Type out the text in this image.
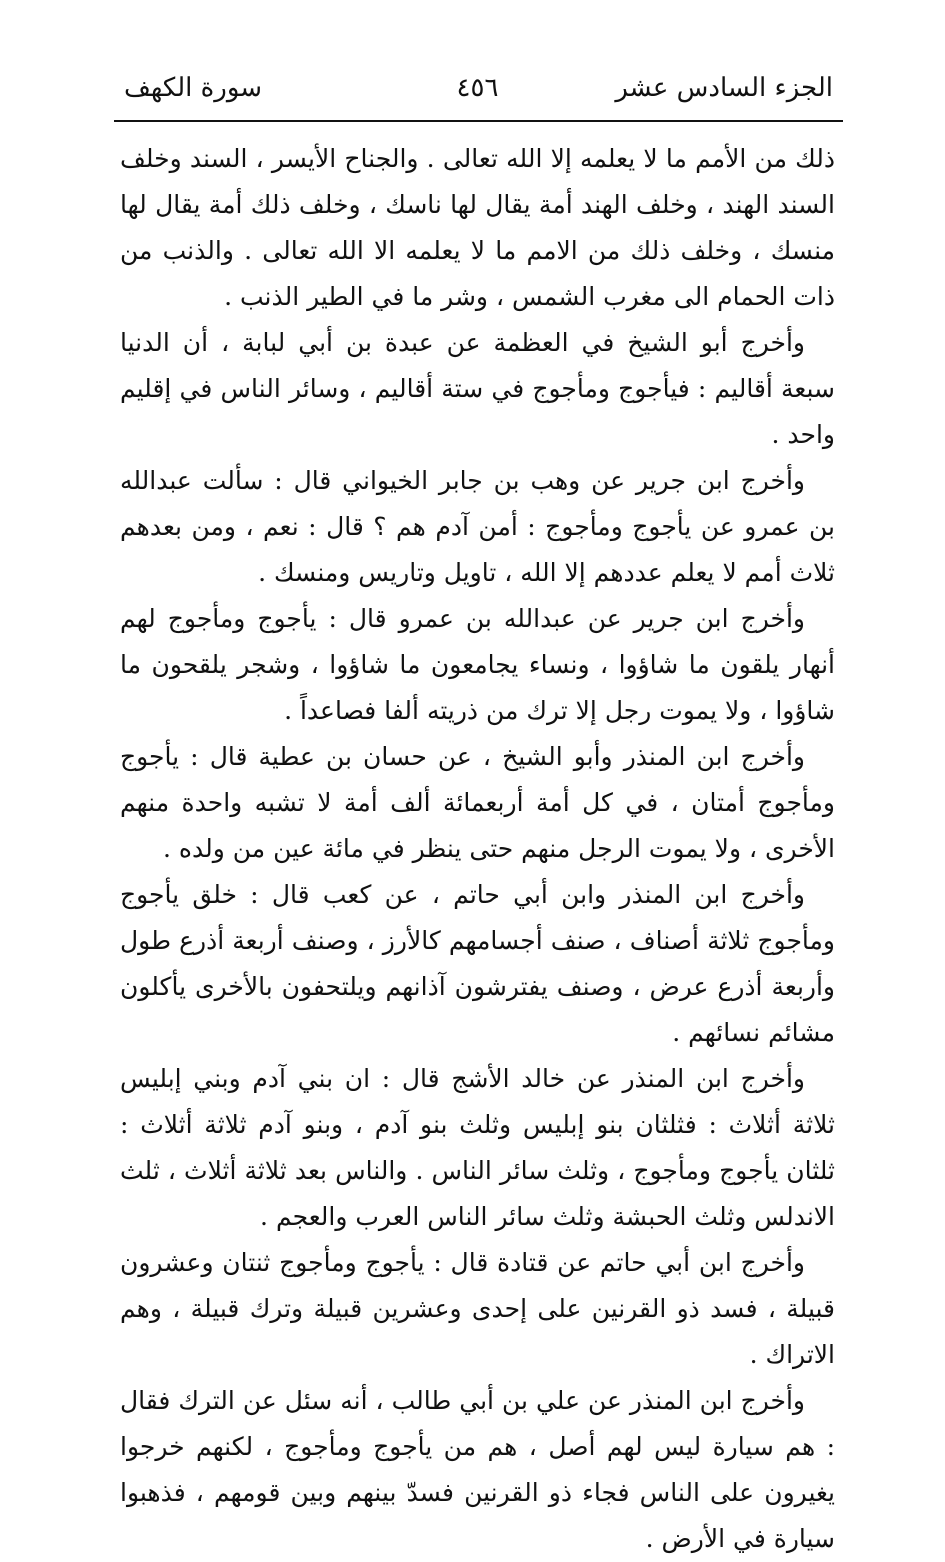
الجزء السادس عشر
٤٥٦
سورة الكهف

ذلك من الأمم ما لا يعلمه إلا الله تعالى . والجناح الأيسر ، السند وخلف السند الهند ، وخلف الهند أمة يقال لها ناسك ، وخلف ذلك أمة يقال لها منسك ، وخلف ذلك من الامم ما لا يعلمه الا الله تعالى . والذنب من ذات الحمام الى مغرب الشمس ، وشر ما في الطير الذنب .

وأخرج أبو الشيخ في العظمة عن عبدة بن أبي لبابة ، أن الدنيا سبعة أقاليم : فيأجوج ومأجوج في ستة أقاليم ، وسائر الناس في إقليم واحد .

وأخرج ابن جرير عن وهب بن جابر الخيواني قال : سألت عبدالله بن عمرو عن يأجوج ومأجوج : أمن آدم هم ؟ قال : نعم ، ومن بعدهم ثلاث أمم لا يعلم عددهم إلا الله ، تاويل وتاريس ومنسك .

وأخرج ابن جرير عن عبدالله بن عمرو قال : يأجوج ومأجوج لهم أنهار يلقون ما شاؤوا ، ونساء يجامعون ما شاؤوا ، وشجر يلقحون ما شاؤوا ، ولا يموت رجل إلا ترك من ذريته ألفا فصاعداً .

وأخرج ابن المنذر وأبو الشيخ ، عن حسان بن عطية قال : يأجوج ومأجوج أمتان ، في كل أمة أربعمائة ألف أمة لا تشبه واحدة منهم الأخرى ، ولا يموت الرجل منهم حتى ينظر في مائة عين من ولده .

وأخرج ابن المنذر وابن أبي حاتم ، عن كعب قال : خلق يأجوج ومأجوج ثلاثة أصناف ، صنف أجسامهم كالأرز ، وصنف أربعة أذرع طول وأربعة أذرع عرض ، وصنف يفترشون آذانهم ويلتحفون بالأخرى يأكلون مشائم نسائهم .

وأخرج ابن المنذر عن خالد الأشج قال : ان بني آدم وبني إبليس ثلاثة أثلاث : فثلثان بنو إبليس وثلث بنو آدم ، وبنو آدم ثلاثة أثلاث : ثلثان يأجوج ومأجوج ، وثلث سائر الناس . والناس بعد ثلاثة أثلاث ، ثلث الاندلس وثلث الحبشة وثلث سائر الناس العرب والعجم .

وأخرج ابن أبي حاتم عن قتادة قال : يأجوج ومأجوج ثنتان وعشرون قبيلة ، فسد ذو القرنين على إحدى وعشرين قبيلة وترك قبيلة ، وهم الاتراك .

وأخرج ابن المنذر عن علي بن أبي طالب ، أنه سئل عن الترك فقال : هم سيارة ليس لهم أصل ، هم من يأجوج ومأجوج ، لكنهم خرجوا يغيرون على الناس فجاء ذو القرنين فسدّ بينهم وبين قومهم ، فذهبوا سيارة في الأرض .
